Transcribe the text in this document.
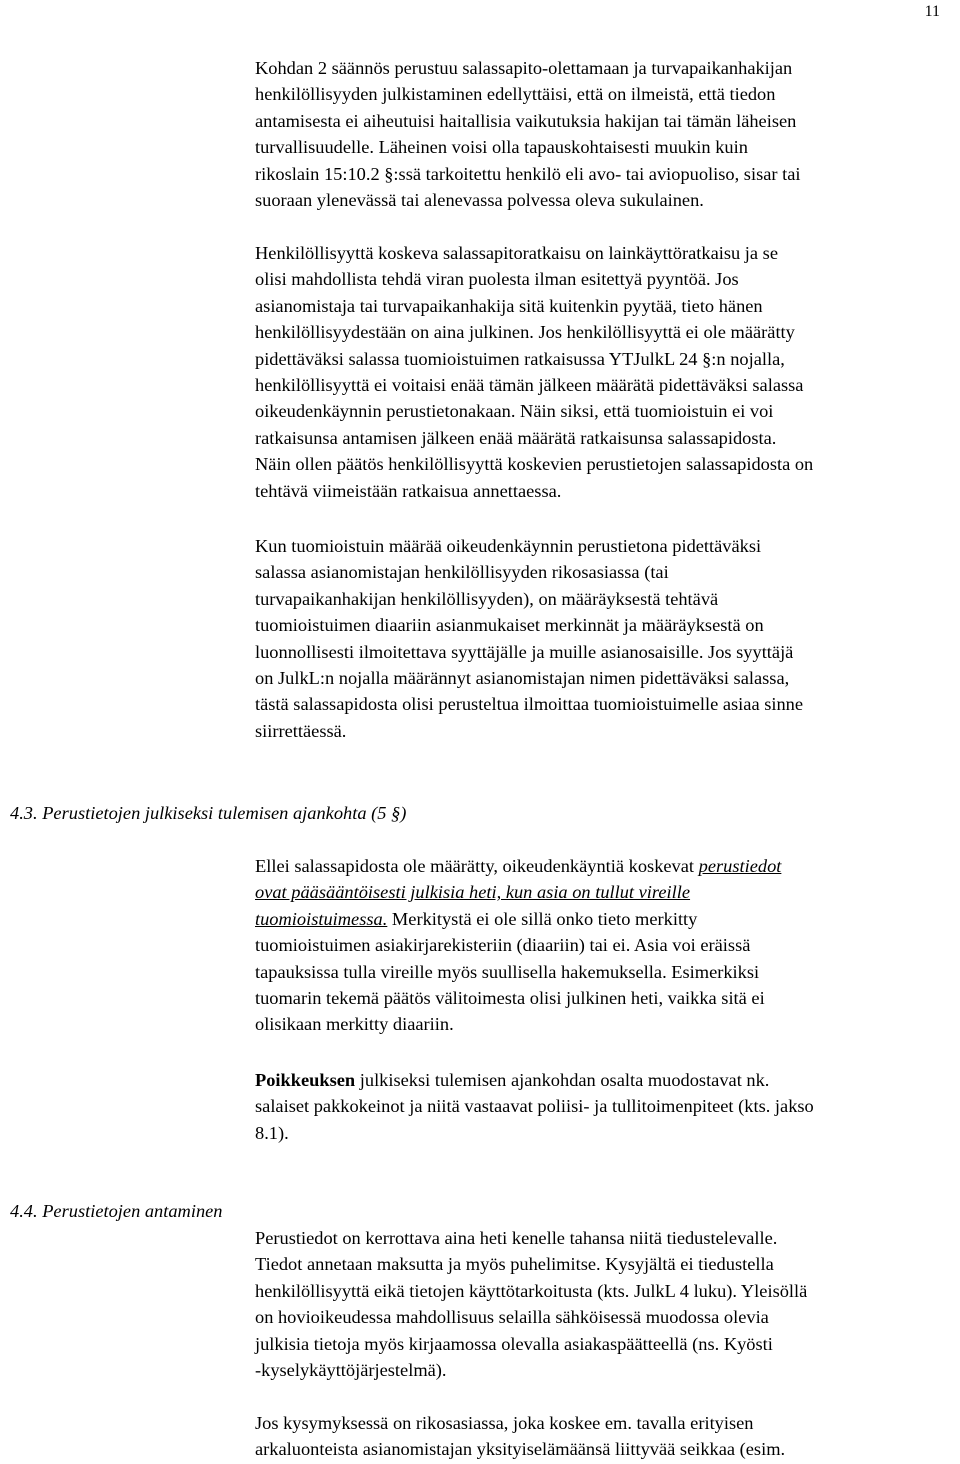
11
Kohdan 2 säännös perustuu salassapito-olettamaan ja turvapaikanhakijan
henkilöllisyyden julkistaminen edellyttäisi, että on ilmeistä, että tiedon
antamisesta ei aiheutuisi haitallisia vaikutuksia hakijan tai tämän läheisen
turvallisuudelle. Läheinen voisi olla tapauskohtaisesti muukin kuin
rikoslain 15:10.2 §:ssä tarkoitettu henkilö eli avo- tai aviopuoliso, sisar tai
suoraan ylenevässä tai alenevassa polvessa oleva sukulainen.
Henkilöllisyyttä koskeva salassapitoratkaisu on lainkäyttöratkaisu ja se
olisi mahdollista tehdä viran puolesta ilman esitettyä pyyntöä. Jos
asianomistaja tai turvapaikanhakija sitä kuitenkin pyytää, tieto hänen
henkilöllisyydestään on aina julkinen. Jos henkilöllisyyttä ei ole määrätty
pidettäväksi salassa tuomioistuimen ratkaisussa YTJulkL 24 §:n nojalla,
henkilöllisyyttä ei voitaisi enää tämän jälkeen määrätä pidettäväksi salassa
oikeudenkäynnin perustietonakaan. Näin siksi, että tuomioistuin ei voi
ratkaisunsa antamisen jälkeen enää määrätä ratkaisunsa salassapidosta.
Näin ollen päätös henkilöllisyyttä koskevien perustietojen salassapidosta on
tehtävä viimeistään ratkaisua annettaessa.
Kun tuomioistuin määrää oikeudenkäynnin perustietona pidettäväksi
salassa asianomistajan henkilöllisyyden rikosasiassa (tai
turvapaikanhakijan henkilöllisyyden), on määräyksestä tehtävä
tuomioistuimen diaariin asianmukaiset merkinnät ja määräyksestä on
luonnollisesti ilmoitettava syyttäjälle ja muille asianosaisille. Jos syyttäjä
on JulkL:n nojalla määrännyt asianomistajan nimen pidettäväksi salassa,
tästä salassapidosta olisi perusteltua ilmoittaa tuomioistuimelle asiaa sinne
siirrettäessä.
4.3. Perustietojen julkiseksi tulemisen ajankohta (5 §)
Ellei salassapidosta ole määrätty, oikeudenkäyntiä koskevat perustiedot
ovat pääsääntöisesti julkisia heti, kun asia on tullut vireille
tuomioistuimessa. Merkitystä ei ole sillä onko tieto merkitty
tuomioistuimen asiakirjarekisteriin (diaariin) tai ei. Asia voi eräissä
tapauksissa tulla vireille myös suullisella hakemuksella. Esimerkiksi
tuomarin tekemä päätös välitoimesta olisi julkinen heti, vaikka sitä ei
olisikaan merkitty diaariin.
Poikkeuksen julkiseksi tulemisen ajankohdan osalta muodostavat nk.
salaiset pakkokeinot ja niitä vastaavat poliisi- ja tullitoimenpiteet (kts. jakso
8.1).
4.4. Perustietojen antaminen
Perustiedot on kerrottava aina heti kenelle tahansa niitä tiedustelevalle.
Tiedot annetaan maksutta ja myös puhelimitse. Kysyjältä ei tiedustella
henkilöllisyyttä eikä tietojen käyttötarkoitusta (kts. JulkL 4 luku). Yleisöllä
on hovioikeudessa mahdollisuus selailla sähköisessä muodossa olevia
julkisia tietoja myös kirjaamossa olevalla asiakaspäätteellä (ns. Kyösti
-kyselykäyttöjärjestelmä).
Jos kysymyksessä on rikosasiassa, joka koskee em. tavalla erityisen
arkaluonteista asianomistajan yksityiselämäänsä liittyvää seikkaa (esim.
